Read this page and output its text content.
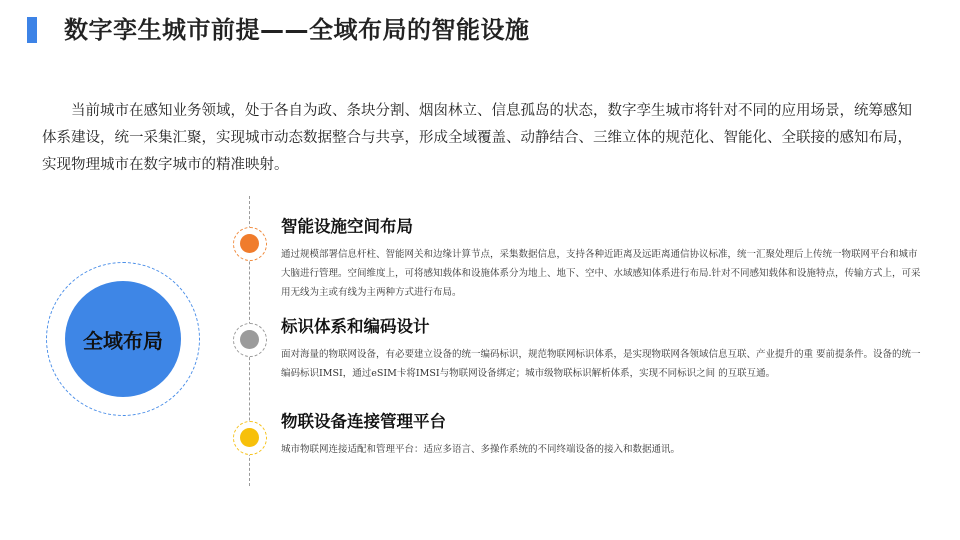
数字孪生城市前提——全域布局的智能设施

当前城市在感知业务领域，处于各自为政、条块分割、烟囱林立、信息孤岛的状态，数字孪生城市将针对不同的应用场景，统筹感知体系建设，统一采集汇聚，实现城市动态数据整合与共享，形成全域覆盖、动静结合、三维立体的规范化、智能化、全联接的感知布局，实现物理城市在数字城市的精准映射。

全域布局
智能设施空间布局

通过规模部署信息杆柱、智能网关和边缘计算节点，采集数据信息，支持各种近距离及远距离通信协议标准，统一汇聚处理后上传统一物联网平台和城市大脑进行管理。空间维度上，可将感知载体和设施体系分为地上、地下、空中、水域感知体系进行布局.针对不同感知载体和设施特点，传输方式上，可采用无线为主或有线为主两种方式进行布局。

标识体系和编码设计

面对海量的物联网设备，有必要建立设备的统一编码标识，规范物联网标识体系，是实现物联网各领域信息互联、产业提升的重 要前提条件。设备的统一编码标识IMSI，通过eSIM卡将IMSI与物联网设备绑定；城市级物联标识解析体系，实现不同标识之间 的互联互通。

物联设备连接管理平台

城市物联网连接适配和管理平台：适应多语言、多操作系统的不同终端设备的接入和数据通讯。
